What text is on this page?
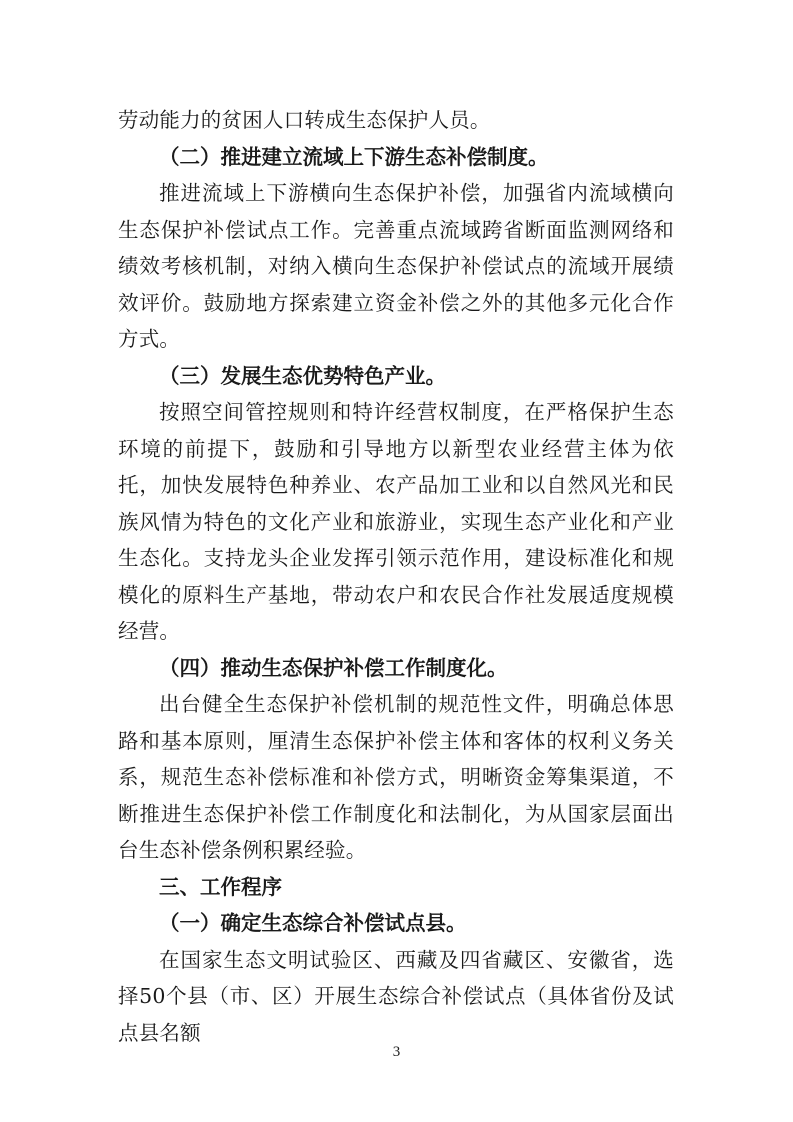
劳动能力的贫困人口转成生态保护人员。

（二）推进建立流域上下游生态补偿制度。

推进流域上下游横向生态保护补偿，加强省内流域横向生态保护补偿试点工作。完善重点流域跨省断面监测网络和绩效考核机制，对纳入横向生态保护补偿试点的流域开展绩效评价。鼓励地方探索建立资金补偿之外的其他多元化合作方式。

（三）发展生态优势特色产业。

按照空间管控规则和特许经营权制度，在严格保护生态环境的前提下，鼓励和引导地方以新型农业经营主体为依托，加快发展特色种养业、农产品加工业和以自然风光和民族风情为特色的文化产业和旅游业，实现生态产业化和产业生态化。支持龙头企业发挥引领示范作用，建设标准化和规模化的原料生产基地，带动农户和农民合作社发展适度规模经营。

（四）推动生态保护补偿工作制度化。

出台健全生态保护补偿机制的规范性文件，明确总体思路和基本原则，厘清生态保护补偿主体和客体的权利义务关系，规范生态补偿标准和补偿方式，明晰资金筹集渠道，不断推进生态保护补偿工作制度化和法制化，为从国家层面出台生态补偿条例积累经验。

三、工作程序

（一）确定生态综合补偿试点县。

在国家生态文明试验区、西藏及四省藏区、安徽省，选择50个县（市、区）开展生态综合补偿试点（具体省份及试点县名额

3
